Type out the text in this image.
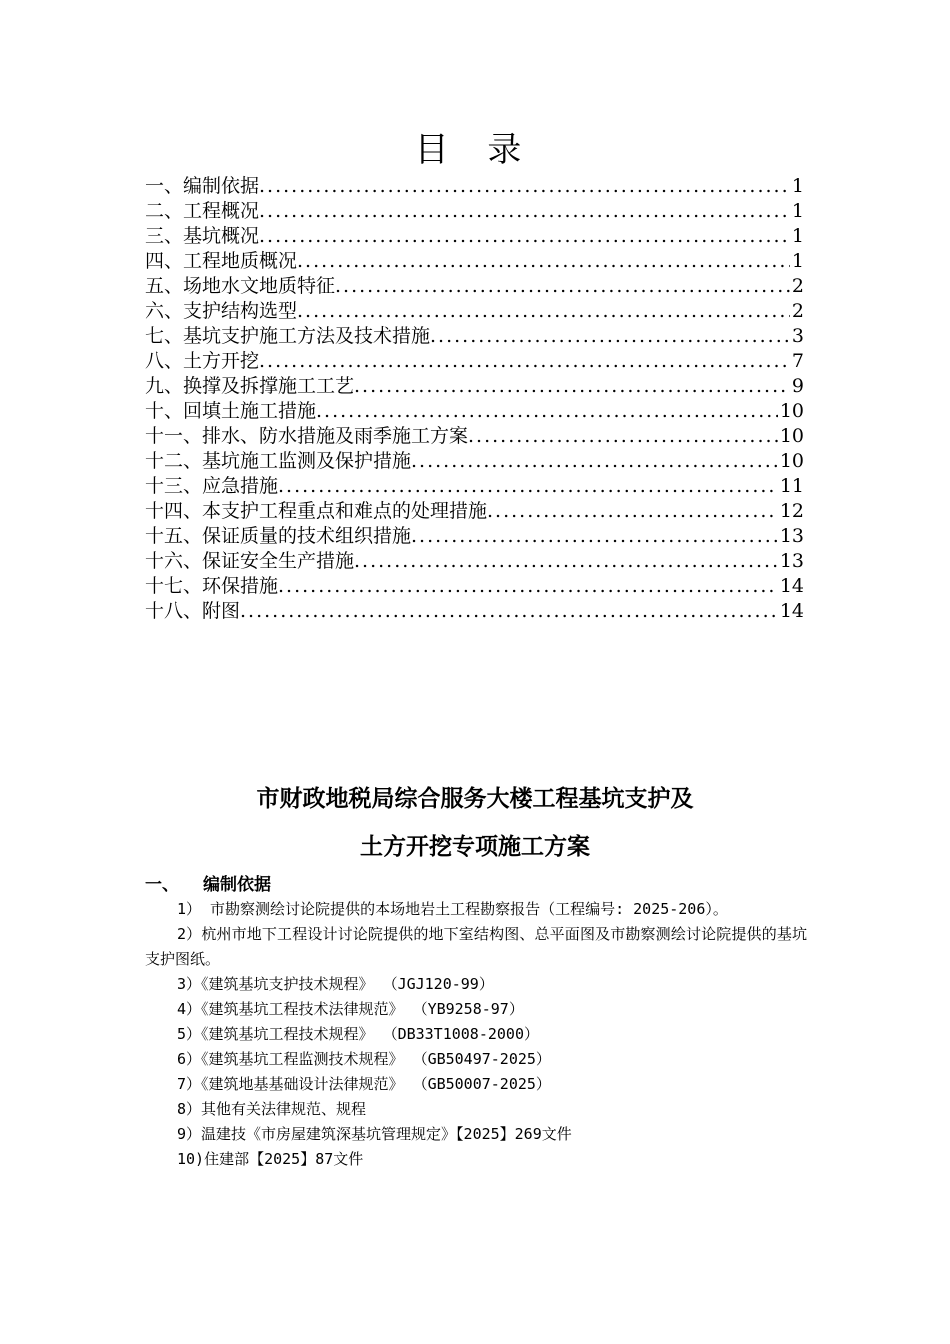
目 录
一、编制依据 .....	1
二、工程概况 .....	1
三、基坑概况 .....	1
四、工程地质概况 .....	1
五、场地水文地质特征 .....	2
六、支护结构选型 .....	2
七、基坑支护施工方法及技术措施 .....	3
八、土方开挖 .....	7
九、换撑及拆撑施工工艺 .....	9
十、回填土施工措施 .....	10
十一、排水、防水措施及雨季施工方案 .....	10
十二、基坑施工监测及保护措施 .....	10
十三、应急措施 .....	11
十四、本支护工程重点和难点的处理措施 .....	12
十五、保证质量的技术组织措施 .....	13
十六、保证安全生产措施 .....	13
十七、环保措施 .....	14
十八、附图 .....	14
市财政地税局综合服务大楼工程基坑支护及
土方开挖专项施工方案
一、 编制依据

1） 市勘察测绘讨论院提供的本场地岩土工程勘察报告（工程编号: 2025-206）。

2）杭州市地下工程设计讨论院提供的地下室结构图、总平面图及市勘察测绘讨论院提供的基坑支护图纸。

3）《建筑基坑支护技术规程》 （JGJ120-99）

4）《建筑基坑工程技术法律规范》 （YB9258-97）

5）《建筑基坑工程技术规程》 （DB33T1008-2000）

6）《建筑基坑工程监测技术规程》 （GB50497-2025）

7）《建筑地基基础设计法律规范》 （GB50007-2025）

8）其他有关法律规范、规程

9）温建技《市房屋建筑深基坑管理规定》【2025】269文件

10)住建部【2025】87文件
